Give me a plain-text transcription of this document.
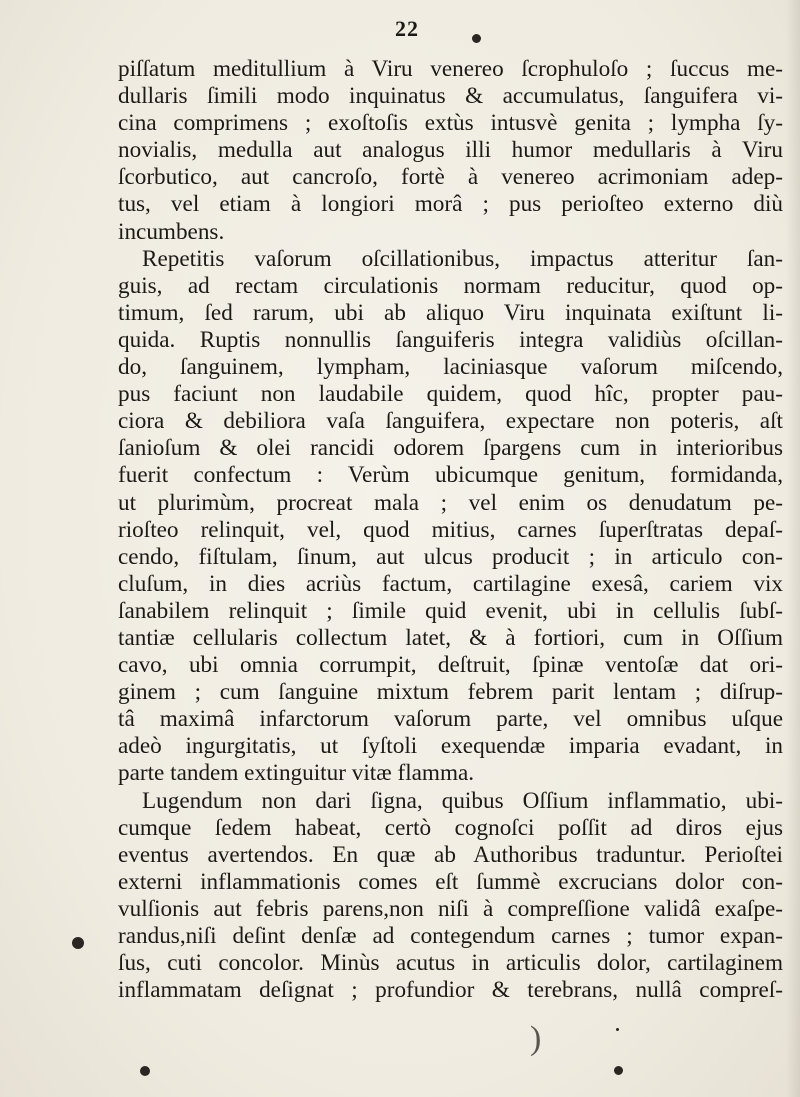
22
piſſatum meditullium à Viru venereo ſcrophuloſo ; ſuccus me-
dullaris ſimili modo inquinatus & accumulatus, ſanguifera vi-
cina comprimens ; exoſtoſis extùs intusvè genita ; lympha ſy-
novialis, medulla aut analogus illi humor medullaris à Viru
ſcorbutico, aut cancroſo, fortè à venereo acrimoniam adep-
tus, vel etiam à longiori morâ ; pus perioſteo externo diù
incumbens.
Repetitis vaſorum oſcillationibus, impactus atteritur ſan-
guis, ad rectam circulationis normam reducitur, quod op-
timum, ſed rarum, ubi ab aliquo Viru inquinata exiſtunt li-
quida. Ruptis nonnullis ſanguiferis integra validiùs oſcillan-
do, ſanguinem, lympham, laciniasque vaſorum miſcendo,
pus faciunt non laudabile quidem, quod hîc, propter pau-
ciora & debiliora vaſa ſanguifera, expectare non poteris, aſt
ſanioſum & olei rancidi odorem ſpargens cum in interioribus
fuerit confectum : Verùm ubicumque genitum, formidanda,
ut plurimùm, procreat mala ; vel enim os denudatum pe-
rioſteo relinquit, vel, quod mitius, carnes ſuperſtratas depaſ-
cendo, fiſtulam, ſinum, aut ulcus producit ; in articulo con-
cluſum, in dies acriùs factum, cartilagine exesâ, cariem vix
ſanabilem relinquit ; ſimile quid evenit, ubi in cellulis ſubſ-
tantiæ cellularis collectum latet, & à fortiori, cum in Oſſium
cavo, ubi omnia corrumpit, deſtruit, ſpinæ ventoſæ dat ori-
ginem ; cum ſanguine mixtum febrem parit lentam ; diſrup-
tâ maximâ infarctorum vaſorum parte, vel omnibus uſque
adeò ingurgitatis, ut ſyſtoli exequendæ imparia evadant, in
parte tandem extinguitur vitæ flamma.
Lugendum non dari ſigna, quibus Oſſium inflammatio, ubi-
cumque ſedem habeat, certò cognoſci poſſit ad diros ejus
eventus avertendos. En quæ ab Authoribus traduntur. Perioſtei
externi inflammationis comes eſt ſummè excrucians dolor con-
vulſionis aut febris parens,non niſi à compreſſione validâ exaſpe-
randus,niſi deſint denſæ ad contegendum carnes ; tumor expan-
ſus, cuti concolor. Minùs acutus in articulis dolor, cartilaginem
inflammatam deſignat ; profundior & terebrans, nullâ compreſ-
)
